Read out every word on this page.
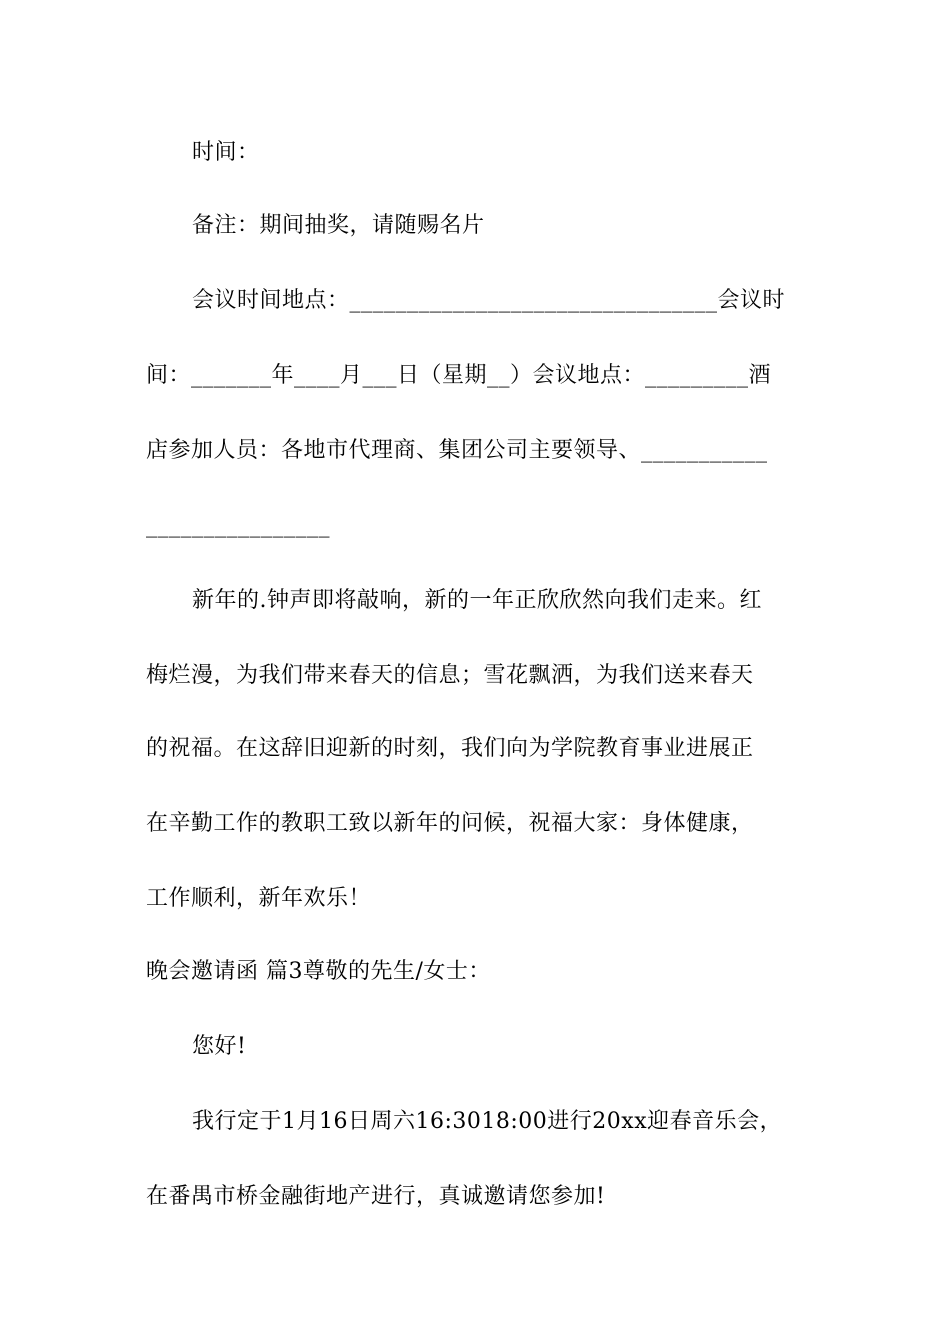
时间：
备注：期间抽奖，请随赐名片
会议时间地点：________________________________会议时
间：_______年____月___日（星期__）会议地点：_________酒
店参加人员：各地市代理商、集团公司主要领导、___________
________________
新年的.钟声即将敲响，新的一年正欣欣然向我们走来。红
梅烂漫，为我们带来春天的信息；雪花飘洒，为我们送来春天
的祝福。在这辞旧迎新的时刻，我们向为学院教育事业进展正
在辛勤工作的教职工致以新年的问候，祝福大家：身体健康，
工作顺利，新年欢乐！
晚会邀请函 篇3尊敬的先生/女士：
您好!
我行定于1月16日周六16:3018:00进行20xx迎春音乐会，
在番禺市桥金融街地产进行，真诚邀请您参加!
